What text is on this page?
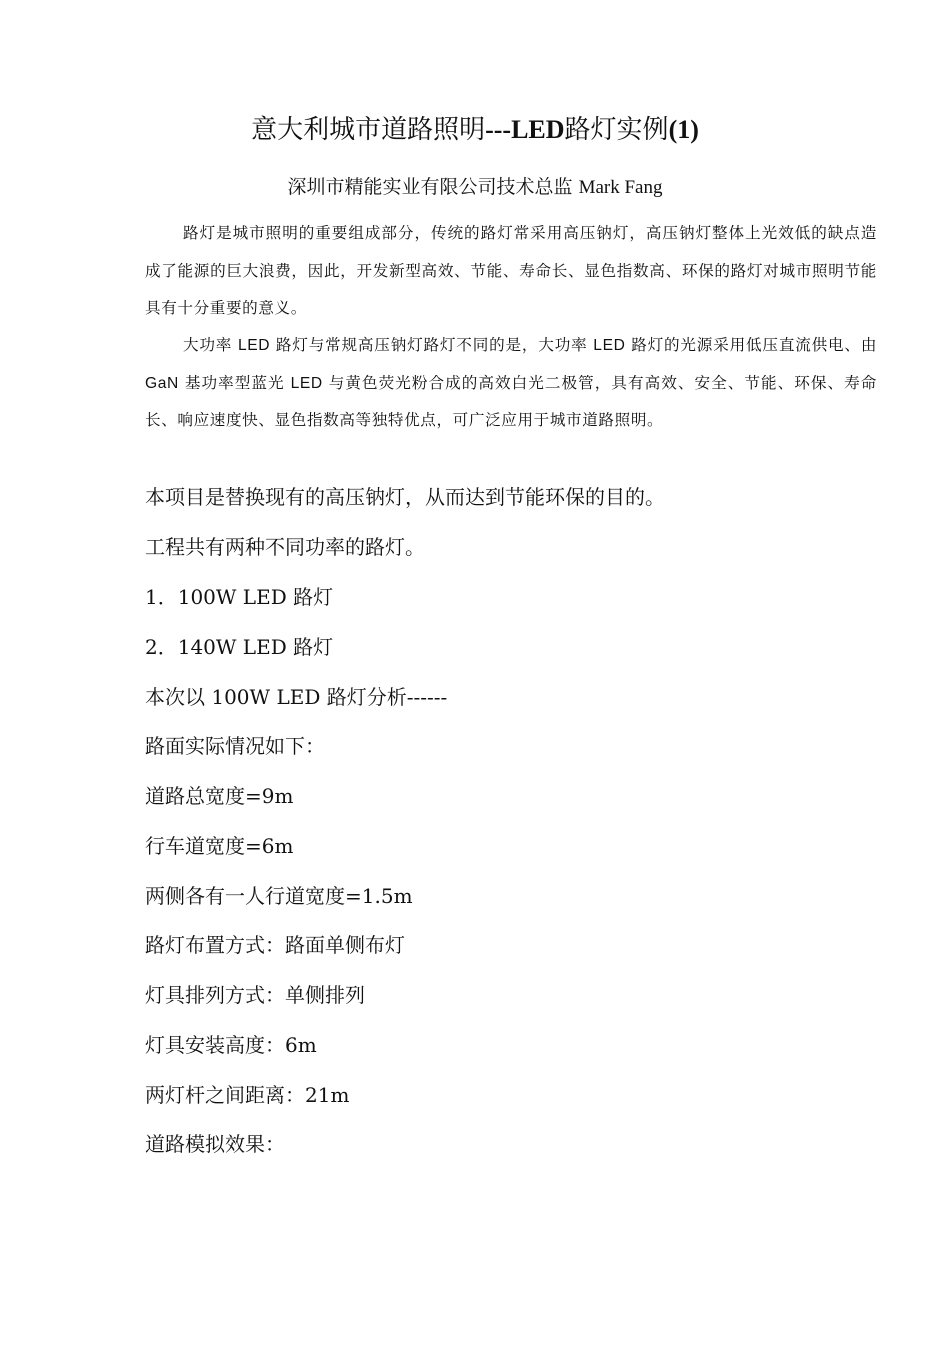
意大利城市道路照明---LED路灯实例(1)
深圳市精能实业有限公司技术总监 Mark Fang

路灯是城市照明的重要组成部分，传统的路灯常采用高压钠灯，高压钠灯整体上光效低的缺点造成了能源的巨大浪费，因此，开发新型高效、节能、寿命长、显色指数高、环保的路灯对城市照明节能具有十分重要的意义。

大功率 LED 路灯与常规高压钠灯路灯不同的是，大功率 LED 路灯的光源采用低压直流供电、由 GaN 基功率型蓝光 LED 与黄色荧光粉合成的高效白光二极管，具有高效、安全、节能、环保、寿命长、响应速度快、显色指数高等独特优点，可广泛应用于城市道路照明。

本项目是替换现有的高压钠灯，从而达到节能环保的目的。

工程共有两种不同功率的路灯。

1．100W LED 路灯

2．140W LED 路灯

本次以 100W LED 路灯分析------

路面实际情况如下：

道路总宽度=9m

行车道宽度=6m

两侧各有一人行道宽度=1.5m

路灯布置方式：路面单侧布灯

灯具排列方式：单侧排列

灯具安装高度：6m

两灯杆之间距离：21m

道路模拟效果：
